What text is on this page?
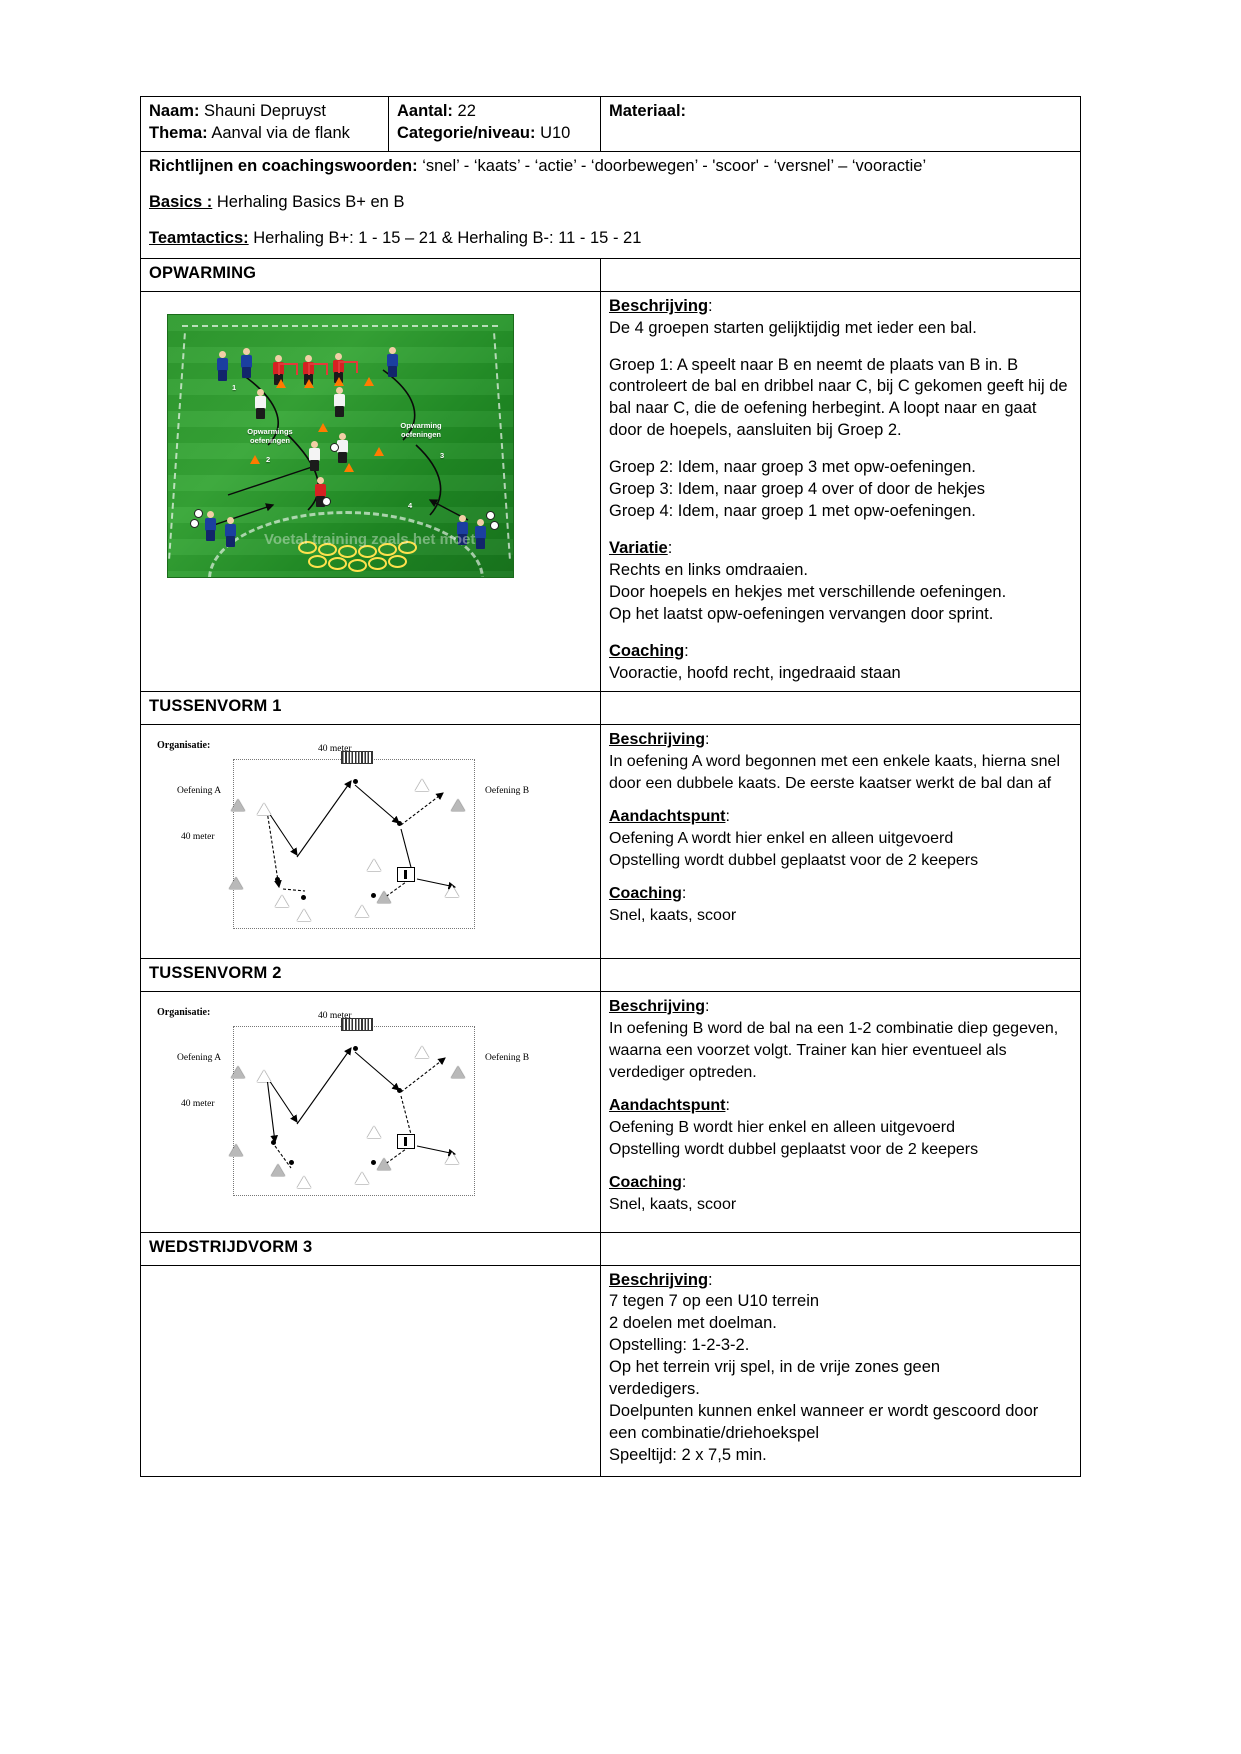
Naam: Shauni Depruyst
Thema: Aanval via de flank

Aantal: 22
Categorie/niveau: U10

Materiaal:

Richtlijnen en coachingswoorden: ‘snel’ - ‘kaats’ - ‘actie’ - ‘doorbewegen’ - 'scoor' - ‘versnel’ – ‘vooractie’
Basics : Herhaling Basics B+ en B
Teamtactics: Herhaling B+: 1 - 15 – 21 & Herhaling B-: 11 - 15 - 21		

OPWARMING		

Opwarmings oefeningen
Opwarming oefeningen
Voetal training zoals het moet
1
2	3
4

Beschrijving:
De 4 groepen starten gelijktijdig met ieder een bal.
Groep 1: A speelt naar B en neemt de plaats van B in. B controleert de bal en dribbel naar C, bij C gekomen geeft hij de bal naar C, die de oefening herbegint. A loopt naar en gaat door de hoepels, aansluiten bij Groep 2.
Groep 2: Idem, naar groep 3 met opw-oefeningen.
Groep 3: Idem, naar groep 4 over of door de hekjes
Groep 4: Idem, naar groep 1 met opw-oefeningen.
Variatie:
Rechts en links omdraaien.
Door hoepels en hekjes met verschillende oefeningen.
Op het laatst opw-oefeningen vervangen door sprint.
Coaching:
Vooractie, hoofd recht, ingedraaid staan

TUSSENVORM 1		

Organisatie:	40 meter
40 meter
Oefening A	Oefening B

Beschrijving:
In oefening A word begonnen met een enkele kaats, hierna snel door een dubbele kaats. De eerste kaatser werkt de bal dan af
Aandachtspunt:
Oefening A wordt hier enkel en alleen uitgevoerd
Opstelling wordt dubbel geplaatst voor de 2 keepers
Coaching:
Snel, kaats, scoor

TUSSENVORM 2		

Organisatie:	40 meter
40 meter
Oefening A	Oefening B

Beschrijving:
In oefening B word de bal na een 1-2 combinatie diep gegeven, waarna een voorzet volgt. Trainer kan hier eventueel als verdediger optreden.
Aandachtspunt:
Oefening B wordt hier enkel en alleen uitgevoerd
Opstelling wordt dubbel geplaatst voor de 2 keepers
Coaching:
Snel, kaats, scoor

WEDSTRIJDVORM 3		

Beschrijving:
7 tegen 7 op een U10 terrein
2 doelen met doelman.
Opstelling: 1-2-3-2.
Op het terrein vrij spel, in de vrije zones geen
verdedigers.
Doelpunten kunnen enkel wanneer er wordt gescoord door
een combinatie/driehoekspel
Speeltijd: 2 x 7,5 min.
